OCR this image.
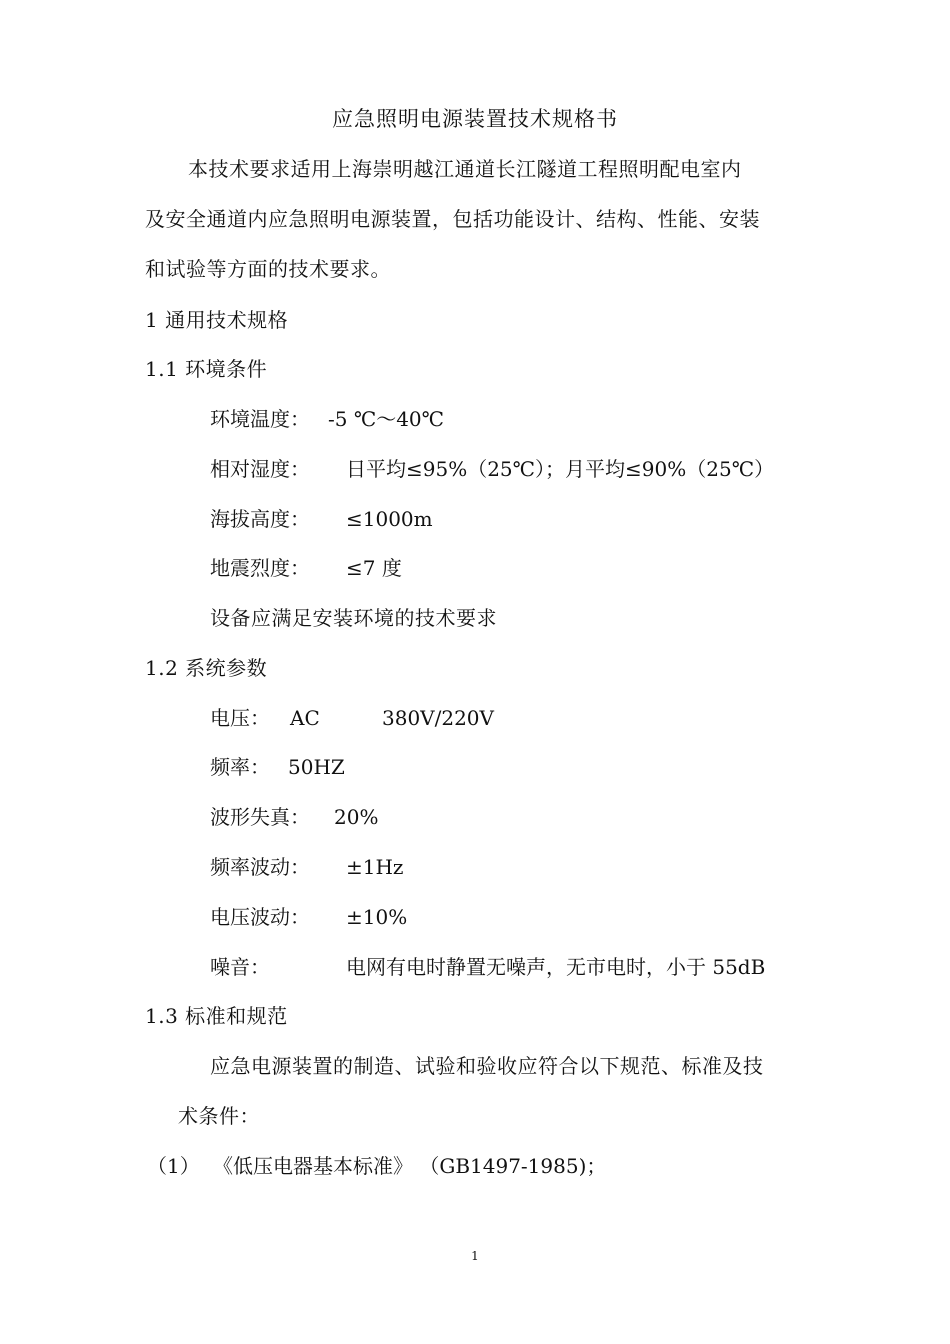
应急照明电源装置技术规格书
本技术要求适用上海崇明越江通道长江隧道工程照明配电室内
及安全通道内应急照明电源装置，包括功能设计、结构、性能、安装
和试验等方面的技术要求。
1 通用技术规格
1.1 环境条件
环境温度： -5 ℃～40℃
相对湿度： 日平均≤95%（25℃）；月平均≤90%（25℃）
海拔高度： ≤1000m
地震烈度： ≤7 度
设备应满足安装环境的技术要求
1.2 系统参数
电压： AC	380V/220V
频率： 50HZ
波形失真： 20%
频率波动： ±1Hz
电压波动： ±10%
噪音：	电网有电时静置无噪声，无市电时，小于 55dB
1.3 标准和规范
应急电源装置的制造、试验和验收应符合以下规范、标准及技
术条件：
（1） 《低压电器基本标准》 （GB1497-1985)；
1
